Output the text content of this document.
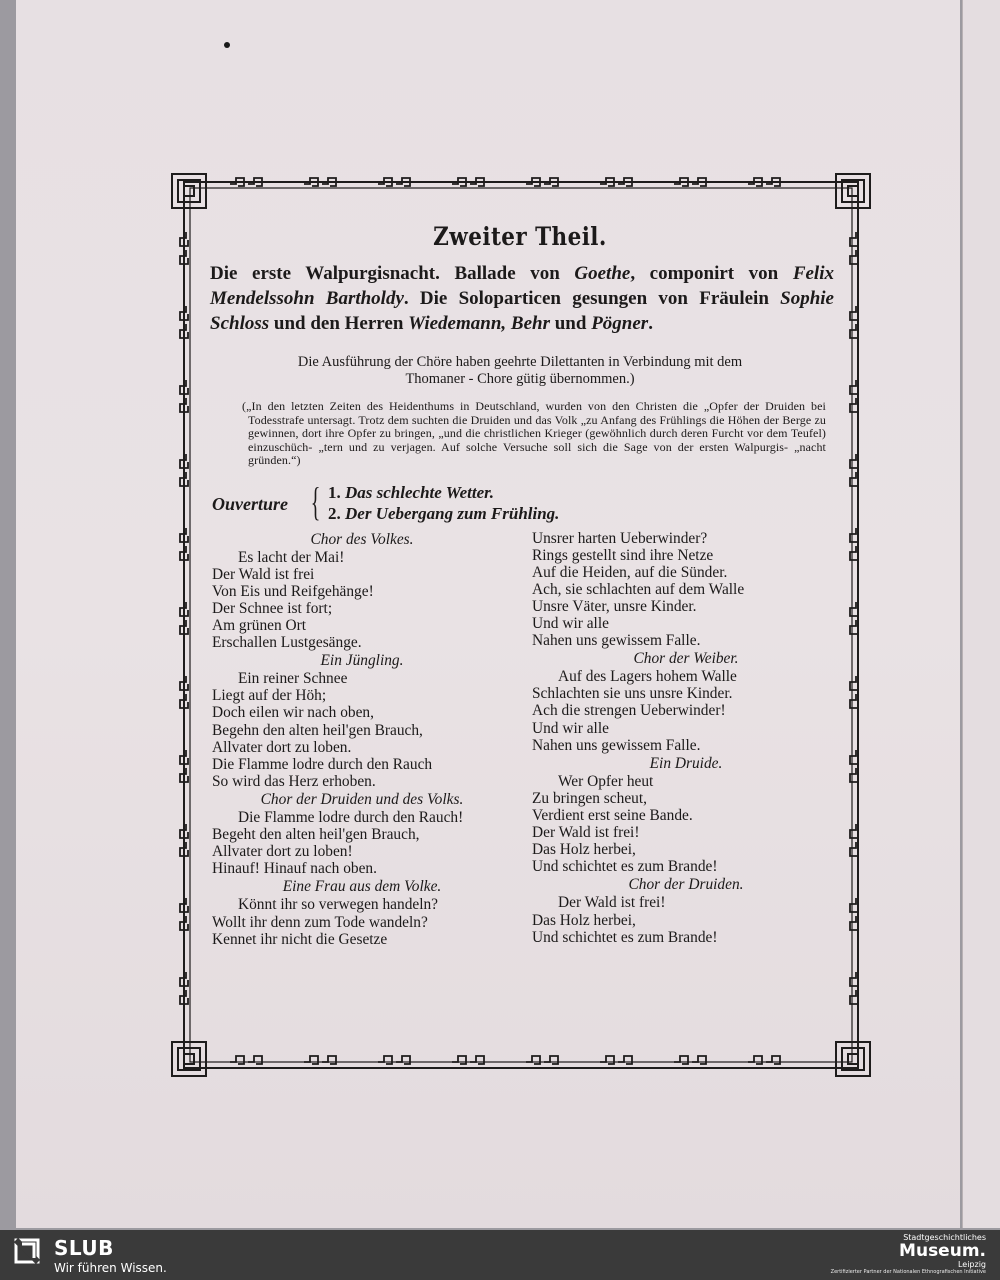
Zweiter Theil.
Die erste Walpurgisnacht. Ballade von Goethe, componirt von Felix Mendelssohn Bartholdy. Die Soloparticen gesungen von Fräulein Sophie Schloss und den Herren Wiedemann, Behr und Pögner.
Die Ausführung der Chöre haben geehrte Dilettanten in Verbindung mit dem
Thomaner - Chore gütig übernommen.)
(„In den letzten Zeiten des Heidenthums in Deutschland, wurden von den Christen die „Opfer der Druiden bei Todesstrafe untersagt. Trotz dem suchten die Druiden und das Volk „zu Anfang des Frühlings die Höhen der Berge zu gewinnen, dort ihre Opfer zu bringen, „und die christlichen Krieger (gewöhnlich durch deren Furcht vor dem Teufel) einzuschüch- „tern und zu verjagen. Auf solche Versuche soll sich die Sage von der ersten Walpurgis- „nacht gründen.“)
Ouverture { 1. Das schlechte Wetter.
2. Der Uebergang zum Frühling.
Chor des Volkes.
Es lacht der Mai!
Der Wald ist frei
Von Eis und Reifgehänge!
Der Schnee ist fort;
Am grünen Ort
Erschallen Lustgesänge.
Ein Jüngling.
Ein reiner Schnee
Liegt auf der Höh;
Doch eilen wir nach oben,
Begehn den alten heil'gen Brauch,
Allvater dort zu loben.
Die Flamme lodre durch den Rauch
So wird das Herz erhoben.
Chor der Druiden und des Volks.
Die Flamme lodre durch den Rauch!
Begeht den alten heil'gen Brauch,
Allvater dort zu loben!
Hinauf! Hinauf nach oben.
Eine Frau aus dem Volke.
Könnt ihr so verwegen handeln?
Wollt ihr denn zum Tode wandeln?
Kennet ihr nicht die Gesetze
Unsrer harten Ueberwinder?
Rings gestellt sind ihre Netze
Auf die Heiden, auf die Sünder.
Ach, sie schlachten auf dem Walle
Unsre Väter, unsre Kinder.
Und wir alle
Nahen uns gewissem Falle.
Chor der Weiber.
Auf des Lagers hohem Walle
Schlachten sie uns unsre Kinder.
Ach die strengen Ueberwinder!
Und wir alle
Nahen uns gewissem Falle.
Ein Druide.
Wer Opfer heut
Zu bringen scheut,
Verdient erst seine Bande.
Der Wald ist frei!
Das Holz herbei,
Und schichtet es zum Brande!
Chor der Druiden.
Der Wald ist frei!
Das Holz herbei,
Und schichtet es zum Brande!
SLUB
Wir führen Wissen.
Stadtgeschichtliches
Museum.
Leipzig
Zertifizierter Partner der Nationalen Ethnografischen Initiative
